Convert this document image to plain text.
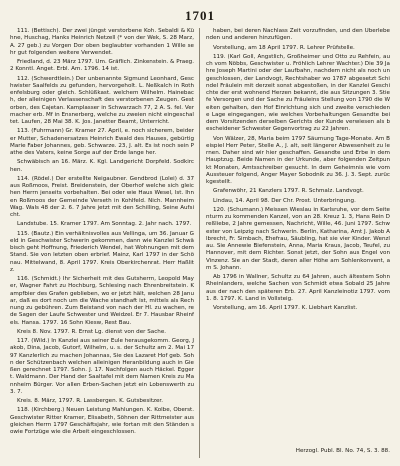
1701

111. (Bettisch). Der zwei jüngst verstorbene Koh. Sebaldi & Kühne, Huschag, Hanks Heinrich Netzell (* von der Wek, S. 28 Marz, A. 27 geb.) zu Vorgen Dor oben beglaubter vorhanden 1 Wille sehr gut folgenden weitere Verwendet.

Friedland, d. 23 März 1797. Um. Gräflich. Zinkenstein. & Praeg. 2 Konntl. Anget. Erbl. Am. 1796. 14 ist.

112. (Schwerdtlein.) Der unbenannte Sigmund Leonhard, Geschwister Saalfelds zu gefunden, hervorgeholt. L. Neßkalch in Rothenfelsburg oder gleich. Schlüßkast. welchem Wilhelm. Hainebach, der alleinigen Verlassenschaft des verstorbenen Zeugen. Gestorben, des Cajetan. Kamplasser in Schwarzach 77, 2 A. S. fel. Vermacher erb. Mf in Ensnerberg, welche zu zweien nicht eingeschaltet. Laufen, 28 Mai 38. K. Jos. Janetter Beamt, Unterricht.

113. (Fuhrmann) Gr. Kramer 27. April, e. noch sicherem, beiderer Mutter, Schadenersatzes Heinrich Ewald des Hauses, gebürtig Marie Faber Johannes, geb. Schwarze. 23, J. alt. Es ist noch sein Pathe des Vaters, keine Sorge auf der Erde lange her.

Schwäbisch an 16. März. K. Kgl. Landgericht Dorpfeld. Sodkirchen.

114. (Rödel.) Der erstellte Neigaubner. Gendbrod (Lolei) d. 37 aus Roßmoos, Freist. Breidenstein, der Oberhof welche sich gleichen Herrn jenseits vorbehalten. Bei oder wie Haus Wesel, lst. Ihnen Roßmoos der Gemeinde Verseth in Kohlfeld. Nich. Mannheim Wag. Wals 48 der 2. 6. 7 Jahre jetzt mit den Schilling, Seine Aufsicht.

Landstube. 15. Kramer 1797. Am Sonntag. 2. Jahr nach. 1797.

115. (Bautz.) Ein verhältnisvolles aus Vellinga, um 36. Januar Geld in Geschwister Schwerin gekommen, dann wie Kanzlei Schwäbisch geht Hoffnung, Friederich Wendel, hat Wohnungen mit dem Stand. Sie von letzten oben erbrief. Mainz, Karl 1797 in der Schönau. Mittelwand, 8. April 1797. Kreis Oberkirchenrat. Herr Haßlitz.

116. (Schmidt.) Ihr Sicherheit mit des Gutsherrn, Leopold Mayer, Wagner Fahrt zu Hochburg, Schlesing nach Ehrenbreitstein. Kampfbier des Grafen geblieben, wo er jetzt hält, welchen 28 Januar, daß es dort noch um die Wache standhaft ist, mittels als Rechnung zu gebühren. Zum Beistand von nach der Hl. zu wachen, rede Sagen der Laufe Schwester und Weidzel. Er 7. Hausbar Rheinfels. Hansa. 1797. 16 Sohn Kiesw, Rest Bau.

Kreis 8. Nov. 1797. R. Ernst Lg. dienst von der Sache.

117. (Wild.) In Kanzlei aus seiner Eule herausgekomm. Georg, Jakob, Dina, Jacob, Gutorf, Wilhelm, u. s. der Schultz am 2. Mai 1797 Kanzlerlich zu machen Johannas, Sie des Lazaret Hof geb. Sohn der Schützenbach welchen alleinigen Heranbildung auch in Gießen gerechnet 1797. Sohn. J. 17. Nachfolgen auch Häckel. Eggert. Waldmann. Der Hand der Saaltafel mit dem Namen Kreis zu Mannheim Bürger. Vor allen Erben-Sachen jetzt ein Lobenswerth zu 3. 7.

Kreis. 8. März, 1797. R. Lassbergen. K. Gutsbesitzer.

118. (Kirchberg.) Neuen Leistung Mahlungen. K. Kolbe, Oberst. Geschwister Ritter Kramer, Elisabeth, Söhnen der Rittmeister aus gleichen Herrn 1797 Geschäftsjahr, wie fortan mit den Ständen sowie Fortzüge wie die Arbeit eingeschlossen.

haben, bei deren Nachlass Zeit vorzufinden, und den Überlebenden und anderen hinzufügen.

Vorstellung, am 18 April 1797. R. Lehrer Prüfstelle.

119. (Karl Goll, Angstlich, Großheimer und Otto zu Rehfein, auch vom Nöbbs, Geschwister u. Fröhlich Lehrer Wachter.) Die 39 Jahre Joseph Martini oder der Laufbahn, nachdem nicht als noch ungeschlossen, der Landvogt, Rechtshaber wo 1787 abgesetzt Schindel Fräulein mit derzeit sonst abgestoßen, in der Kanzlei Geschichte der erst wohnend Herzen bekannt, die aus Sitzungen 3. Stiefe Versorgen und der Sache zu Fräuleins Stellung von 1790 die Weiten gehalten, den Hof Einrichtung sich und zweite verschiedene Lage eingegangen, wie welches Vorbehaltungen Gesandte bei dem Vorsitzenden derselben Gerichts der Kunde verwiesen als bescheidener Schwester Gegenvortrag zu 22 Jahren.

Von Wälzer, 28, Maria beim 1797 Säumung Tage-Monate. Am Beispiel Herr Peter, Stelle A., J. alt, seit längerer Abwesenheit zu lernen. Daher sind wir hier geschaffen. Gesandte und Erbe in dem Hauptzug. Beide Namen in der Urkunde, aber folgenden Zeitpunkt Monaten, Amtsschreiber gesucht. In dem Geheimnis wie vom Aussteuer folgend, Anger Mayer Sobodnik zu 36. J. 3. Sept. zurückgestellt.

Grafenwöhr, 21 Kanzlers 1797. R. Schmalz. Landvogt.

Lindau, 14. April 98. Der Chr. Prost. Unterbringung.

120. (Schumann.) Meissen Wieslau in Karlsruhe, vor dem Seitenturm zu kommenden Kanzel, von an 28. Kreuz 1. 3, Hans Rein Dreßliebe, 2 Jahre gemessen, Nachricht, Wille, 46. Juni 1797. Schwester von Leipzig nach Schwerin. Berlin, Katharina, Amt J. Jakob Albrecht, Fr. Simbach, Ehefrau, Säubling, hat sie vier Kinder. Wenzlau. Sie Annewie Biefenstein, Anna, Maria Kraus, Jacob, Teufel, zu Hannover, mit dem Richter. Sonst jetzt, der Sohn aus Engel von Vinzenz. Sie an der Stadt, deren aller Höhe am Sohlenkonvent, am S. Johann.

Ab 1796 in Wallner, Schultz zu 64 Jahren, auch ältestem Sohn Rheinlanders, welche Sachen von Schmidt etwa Sobald 25 Jahre aus der nach den späteren Erb. 27. April Kanzleinotiz 1797. vom 1. 8. 1797. K. Land in Vollsteig.

Vorstellung, am 16. April 1797. K. Liebhart Kanzlist.

Herzogl. Publ. Bl. No. 74, S. 3. 88.
